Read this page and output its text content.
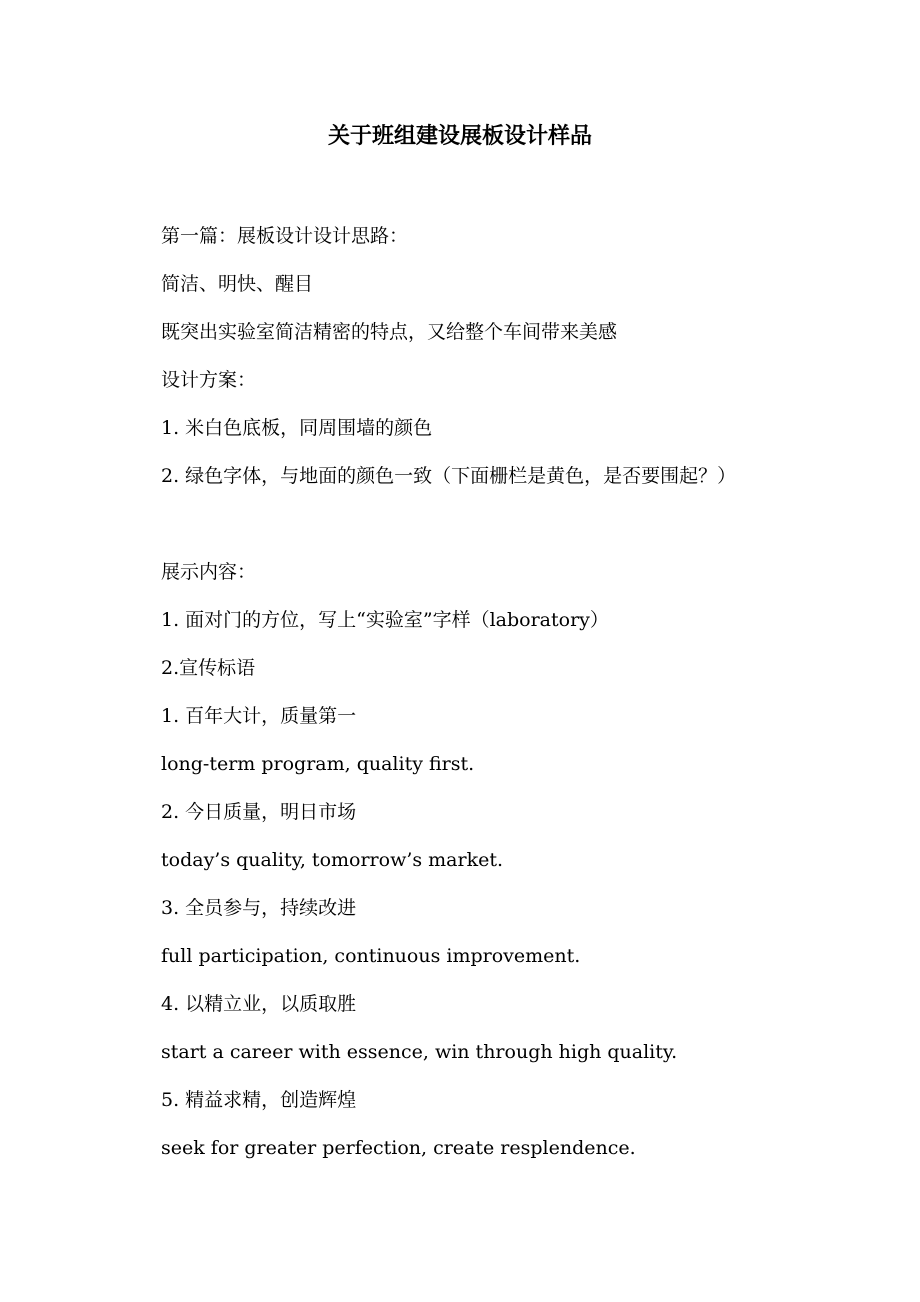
关于班组建设展板设计样品

第一篇：展板设计设计思路：

简洁、明快、醒目

既突出实验室简洁精密的特点，又给整个车间带来美感

设计方案：

1. 米白色底板，同周围墙的颜色

2. 绿色字体，与地面的颜色一致（下面栅栏是黄色，是否要围起？）

展示内容：

1. 面对门的方位，写上“实验室”字样（laboratory）

2.宣传标语

1. 百年大计，质量第一

long-term program, quality first.

2. 今日质量，明日市场

today’s quality, tomorrow’s market.

3. 全员参与，持续改进

full participation, continuous improvement.

4. 以精立业，以质取胜

start a career with essence, win through high quality.

5. 精益求精，创造辉煌

seek for greater perfection, create resplendence.
